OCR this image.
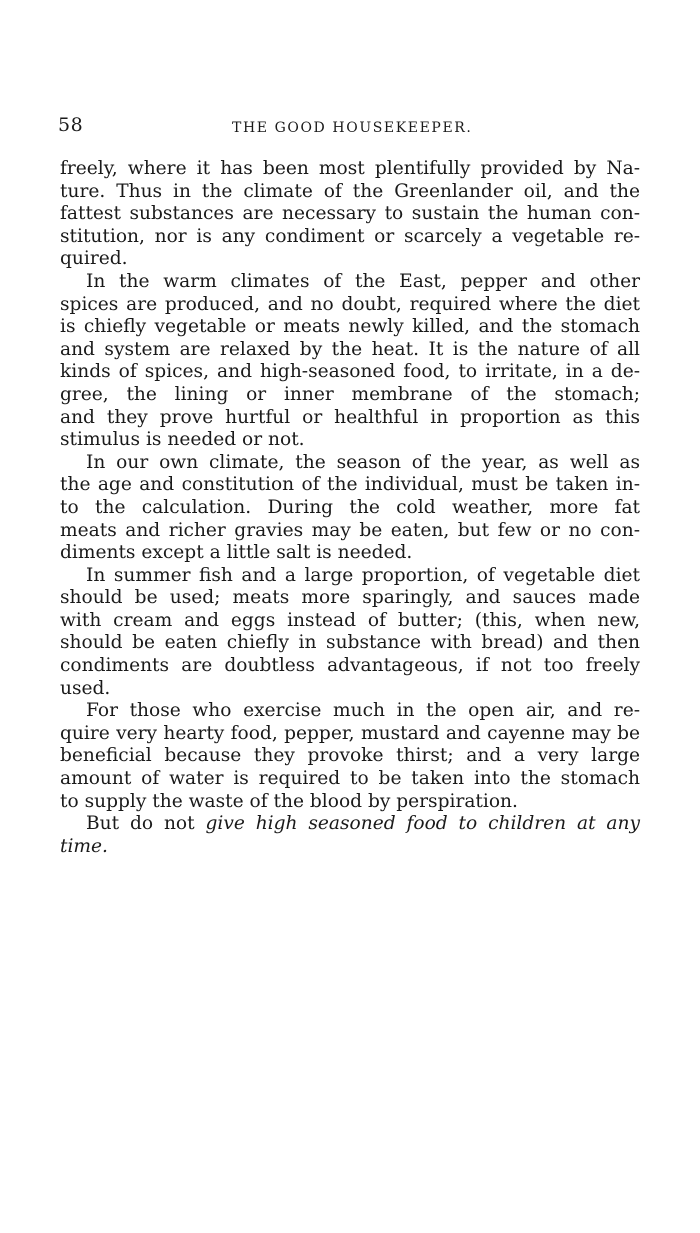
58	THE GOOD HOUSEKEEPER.

freely, where it has been most plentifully provided by Na-
ture. Thus in the climate of the Greenlander oil, and the
fattest substances are necessary to sustain the human con-
stitution, nor is any condiment or scarcely a vegetable re-
quired.

In the warm climates of the East, pepper and other
spices are produced, and no doubt, required where the diet
is chiefly vegetable or meats newly killed, and the stomach
and system are relaxed by the heat. It is the nature of all
kinds of spices, and high-seasoned food, to irritate, in a de-
gree, the lining or inner membrane of the stomach;
and they prove hurtful or healthful in proportion as this
stimulus is needed or not.

In our own climate, the season of the year, as well as
the age and constitution of the individual, must be taken in-
to the calculation. During the cold weather, more fat
meats and richer gravies may be eaten, but few or no con-
diments except a little salt is needed.

In summer fish and a large proportion, of vegetable diet
should be used; meats more sparingly, and sauces made
with cream and eggs instead of butter; (this, when new,
should be eaten chiefly in substance with bread) and then
condiments are doubtless advantageous, if not too freely
used.

For those who exercise much in the open air, and re-
quire very hearty food, pepper, mustard and cayenne may be
beneficial because they provoke thirst; and a very large
amount of water is required to be taken into the stomach
to supply the waste of the blood by perspiration.

But do not give high seasoned food to children at any
time.
